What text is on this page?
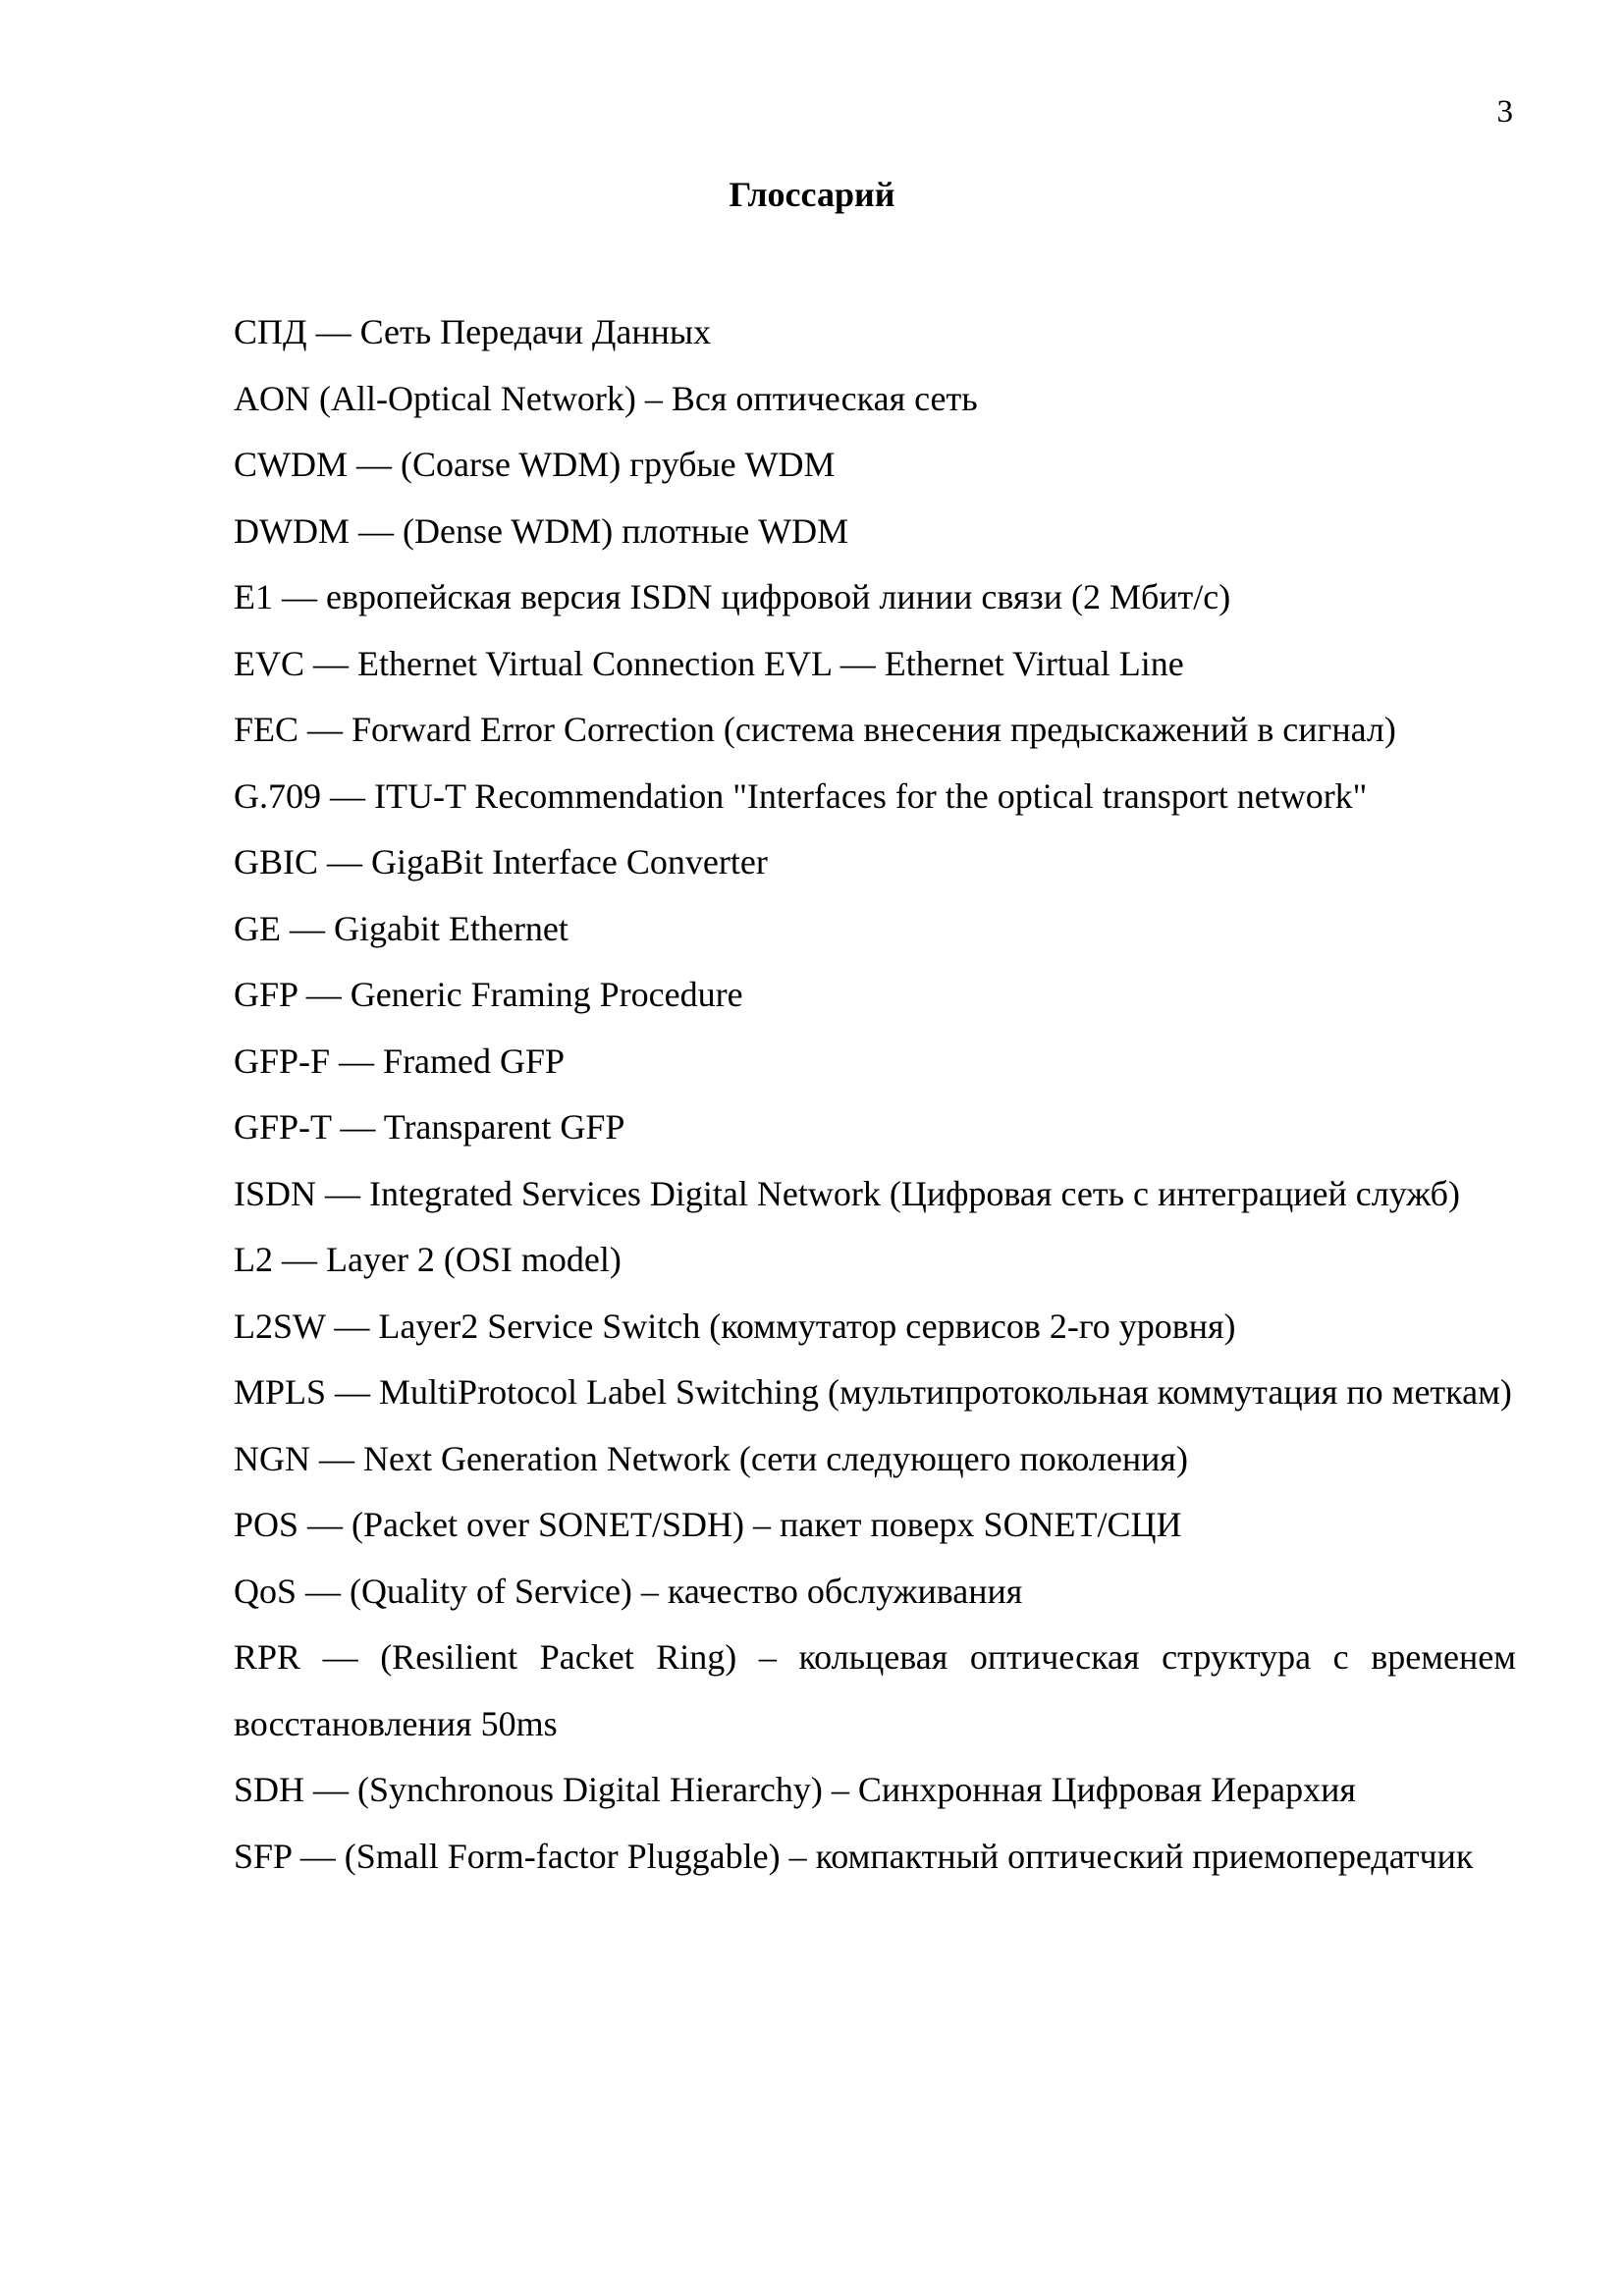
3
Глоссарий
СПД — Сеть Передачи Данных
AON (All-Optical Network) – Вся оптическая сеть
CWDM — (Coarse WDM) грубые WDM
DWDM — (Dense WDM) плотные WDM
E1 — европейская версия ISDN цифровой линии связи (2 Мбит/с)
EVC — Ethernet Virtual Connection EVL — Ethernet Virtual Line
FEC — Forward Error Correction (система внесения предыскажений в сигнал)
G.709 — ITU-T Recommendation "Interfaces for the optical transport network"
GBIC — GigaBit Interface Converter
GE — Gigabit Ethernet
GFP — Generic Framing Procedure
GFP-F — Framed GFP
GFP-T — Transparent GFP
ISDN — Integrated Services Digital Network (Цифровая сеть с интеграцией служб)
L2 — Layer 2 (OSI model)
L2SW — Layer2 Service Switch (коммутатор сервисов 2-го уровня)
MPLS — MultiProtocol Label Switching (мультипротокольная коммутация по меткам)
NGN — Next Generation Network (сети следующего поколения)
POS — (Packet over SONET/SDH) – пакет поверх SONET/СЦИ
QoS — (Quality of Service) – качество обслуживания
RPR — (Resilient Packet Ring) – кольцевая оптическая структура с временем восстановления 50ms
SDH — (Synchronous Digital Hierarchy) – Синхронная Цифровая Иерархия
SFP — (Small Form-factor Pluggable) – компактный оптический приемопередатчик
